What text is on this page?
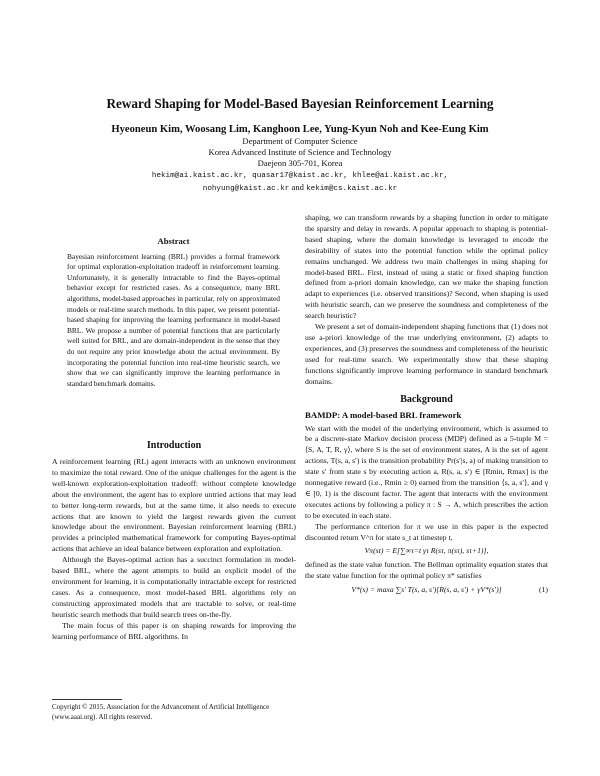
Reward Shaping for Model-Based Bayesian Reinforcement Learning
Hyeoneun Kim, Woosang Lim, Kanghoon Lee, Yung-Kyun Noh and Kee-Eung Kim
Department of Computer Science
Korea Advanced Institute of Science and Technology
Daejeon 305-701, Korea
hekim@ai.kaist.ac.kr, quasar17@kaist.ac.kr, khlee@ai.kaist.ac.kr,
nohyung@kaist.ac.kr and kekim@cs.kaist.ac.kr
Abstract

Bayesian reinforcement learning (BRL) provides a formal framework for optimal exploration-exploitation tradeoff in reinforcement learning. Unfortunately, it is generally intractable to find the Bayes-optimal behavior except for restricted cases. As a consequence, many BRL algorithms, model-based approaches in particular, rely on approximated models or real-time search methods. In this paper, we present potential-based shaping for improving the learning performance in model-based BRL. We propose a number of potential functions that are particularly well suited for BRL, and are domain-independent in the sense that they do not require any prior knowledge about the actual environment. By incorporating the potential function into real-time heuristic search, we show that we can significantly improve the learning performance in standard benchmark domains.

Introduction

A reinforcement learning (RL) agent interacts with an unknown environment to maximize the total reward. One of the unique challenges for the agent is the well-known exploration-exploitation tradeoff: without complete knowledge about the environment, the agent has to explore untried actions that may lead to better long-term rewards, but at the same time, it also needs to execute actions that are known to yield the largest rewards given the current knowledge about the environment. Bayesian reinforcement learning (BRL) provides a principled mathematical framework for computing Bayes-optimal actions that achieve an ideal balance between exploration and exploitation.

Although the Bayes-optimal action has a succinct formulation in model-based BRL, where the agent attempts to build an explicit model of the environment for learning, it is computationally intractable except for restricted cases. As a consequence, most model-based BRL algorithms rely on constructing approximated models that are tractable to solve, or real-time heuristic search methods that build search trees on-the-fly.

The main focus of this paper is on shaping rewards for improving the learning performance of BRL algorithms. In

Copyright © 2015, Association for the Advancement of Artificial Intelligence (www.aaai.org). All rights reserved.

shaping, we can transform rewards by a shaping function in order to mitigate the sparsity and delay in rewards. A popular approach to shaping is potential-based shaping, where the domain knowledge is leveraged to encode the desirability of states into the potential function while the optimal policy remains unchanged. We address two main challenges in using shaping for model-based BRL. First, instead of using a static or fixed shaping function defined from a-priori domain knowledge, can we make the shaping function adapt to experiences (i.e. observed transitions)? Second, when shaping is used with heuristic search, can we preserve the soundness and completeness of the search heuristic?

We present a set of domain-independent shaping functions that (1) does not use a-priori knowledge of the true underlying environment, (2) adapts to experiences, and (3) preserves the soundness and completeness of the heuristic used for real-time search. We experimentally show that these shaping functions significantly improve learning performance in standard benchmark domains.

Background
BAMDP: A model-based BRL framework

We start with the model of the underlying environment, which is assumed to be a discrete-state Markov decision process (MDP) defined as a 5-tuple M = ⟨S, A, T, R, γ⟩, where S is the set of environment states, A is the set of agent actions, T(s, a, s′) is the transition probability Pr(s′|s, a) of making transition to state s′ from state s by executing action a, R(s, a, s′) ∈ [Rmin, Rmax] is the nonnegative reward (i.e., Rmin ≥ 0) earned from the transition ⟨s, a, s′⟩, and γ ∈ [0, 1) is the discount factor. The agent that interacts with the environment executes actions by following a policy π : S → A, which prescribes the action to be executed in each state.

The performance criterion for π we use in this paper is the expected discounted return V^π for state s_t at timestep t,

Vπ(st) = E[∑∞τ=t γτ R(sτ, π(sτ), sτ+1)],

defined as the state value function. The Bellman optimality equation states that the state value function for the optimal policy π* satisfies

V*(s) = maxa ∑s′ T(s, a, s′)[R(s, a, s′) + γV*(s′)]	(1)
